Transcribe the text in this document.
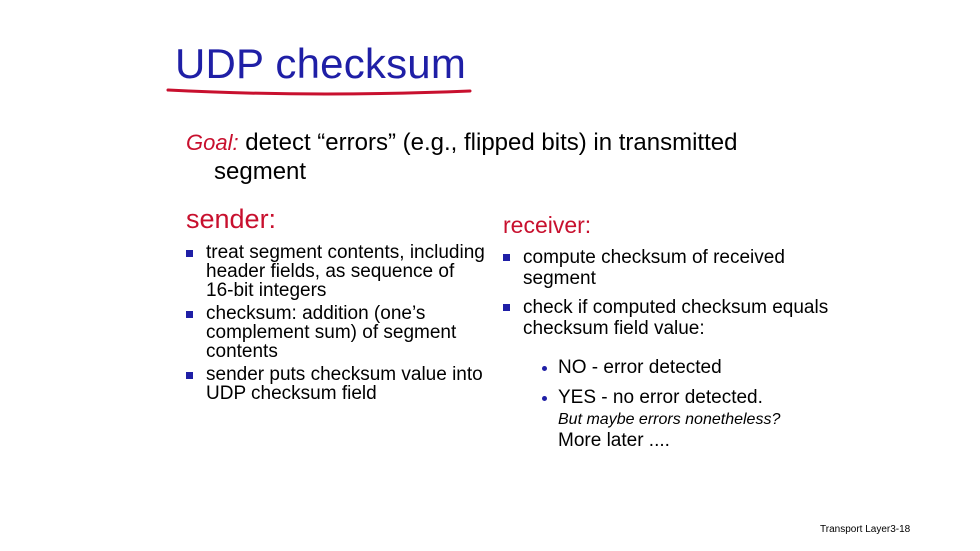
UDP checksum
Goal: detect “errors” (e.g., flipped bits) in transmitted
segment
sender:
treat segment contents, including header fields, as sequence of 16-bit integers
checksum: addition (one’s complement sum) of segment contents
sender puts checksum value into UDP checksum field
receiver:
compute checksum of received segment
check if computed checksum equals checksum field value:
NO - error detected
YES - no error detected.
But maybe errors nonetheless? More later ....
Transport Layer3-18
